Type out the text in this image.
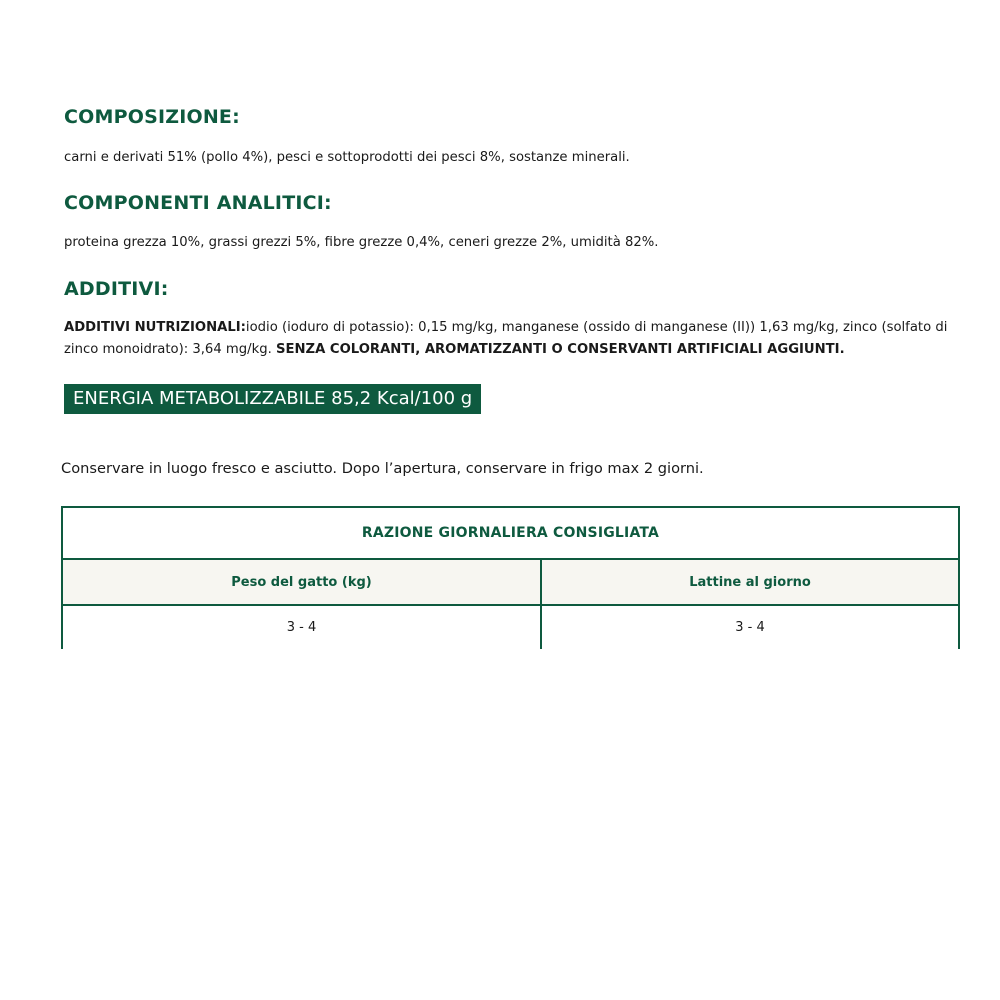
COMPOSIZIONE:

carni e derivati 51% (pollo 4%), pesci e sottoprodotti dei pesci 8%, sostanze minerali.

COMPONENTI ANALITICI:

proteina grezza 10%, grassi grezzi 5%, fibre grezze 0,4%, ceneri grezze 2%, umidità 82%.

ADDITIVI:

ADDITIVI NUTRIZIONALI:iodio (ioduro di potassio): 0,15 mg/kg, manganese (ossido di manganese (II)) 1,63 mg/kg, zinco (solfato di zinco monoidrato): 3,64 mg/kg. SENZA COLORANTI, AROMATIZZANTI O CONSERVANTI ARTIFICIALI AGGIUNTI.

ENERGIA METABOLIZZABILE 85,2 Kcal/100 g

Conservare in luogo fresco e asciutto. Dopo l’apertura, conservare in frigo max 2 giorni.

RAZIONE GIORNALIERA CONSIGLIATA
Peso del gatto (kg)	Lattine al giorno
3 - 4	3 - 4
